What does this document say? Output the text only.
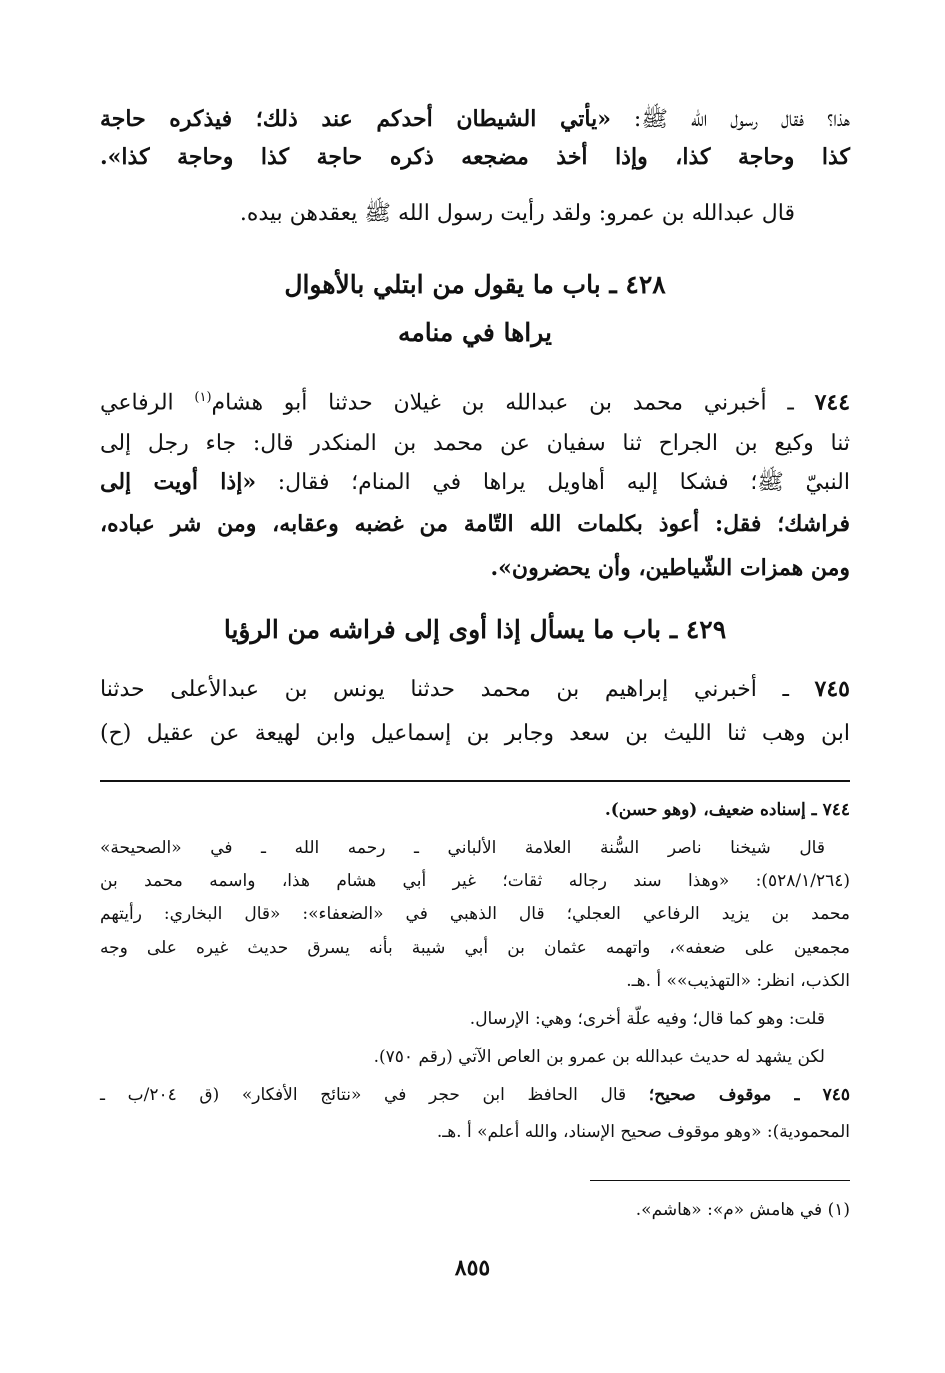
هذا؟ فقال رسول الله ﷺ: «يأتي الشيطان أحدكم عند ذلك؛ فيذكره حاجة
كذا وحاجة كذا، وإذا أخذ مضجعه ذكره حاجة كذا وحاجة كذا».
قال عبدالله بن عمرو: ولقد رأيت رسول الله ﷺ يعقدهن بيده.
٤٢٨ ـ باب ما يقول من ابتلي بالأهوال
يراها في منامه
٧٤٤ ـ أخبرني محمد بن عبدالله بن غيلان حدثنا أبو هشام$^{(١)}$ الرفاعي
ثنا وكيع بن الجراح ثنا سفيان عن محمد بن المنكدر قال: جاء رجل إلى
النبيّ ﷺ؛ فشكا إليه أهاويل يراها في المنام؛ فقال: «إذا أويت إلى
فراشك؛ فقل: أعوذ بكلمات الله التّامة من غضبه وعقابه، ومن شر عباده،
ومن همزات الشّياطين، وأن يحضرون».
٤٢٩ ـ باب ما يسأل إذا أوى إلى فراشه من الرؤيا
٧٤٥ ـ أخبرني إبراهيم بن محمد حدثنا يونس بن عبدالأعلى حدثنا
ابن وهب ثنا الليث بن سعد وجابر بن إسماعيل وابن لهيعة عن عقيل (ح)
٧٤٤ ـ إسناده ضعيف، (وهو حسن).
قال شيخنا ناصر السُّنة العلامة الألباني ـ رحمه الله ـ في «الصحيحة»
(٥٢٨/١/٢٦٤): «وهذا سند رجاله ثقات؛ غير أبي هشام هذا، واسمه محمد بن
محمد بن يزيد الرفاعي العجلي؛ قال الذهبي في «الضعفاء»: «قال البخاري: رأيتهم
مجمعين على ضعفه»، واتهمه عثمان بن أبي شيبة بأنه يسرق حديث غيره على وجه
الكذب، انظر: «التهذيب»» أ .هـ.
قلت: وهو كما قال؛ وفيه علّة أخرى؛ وهي: الإرسال.
لكن يشهد له حديث عبدالله بن عمرو بن العاص الآتي (رقم ٧٥٠).
٧٤٥ ـ موقوف صحيح؛ قال الحافظ ابن حجر في «نتائج الأفكار» (ق ٢٠٤/ب ـ
المحمودية): «وهو موقوف صحيح الإسناد، والله أعلم» أ .هـ.
(١) في هامش «م»: «هاشم».
٨٥٥
